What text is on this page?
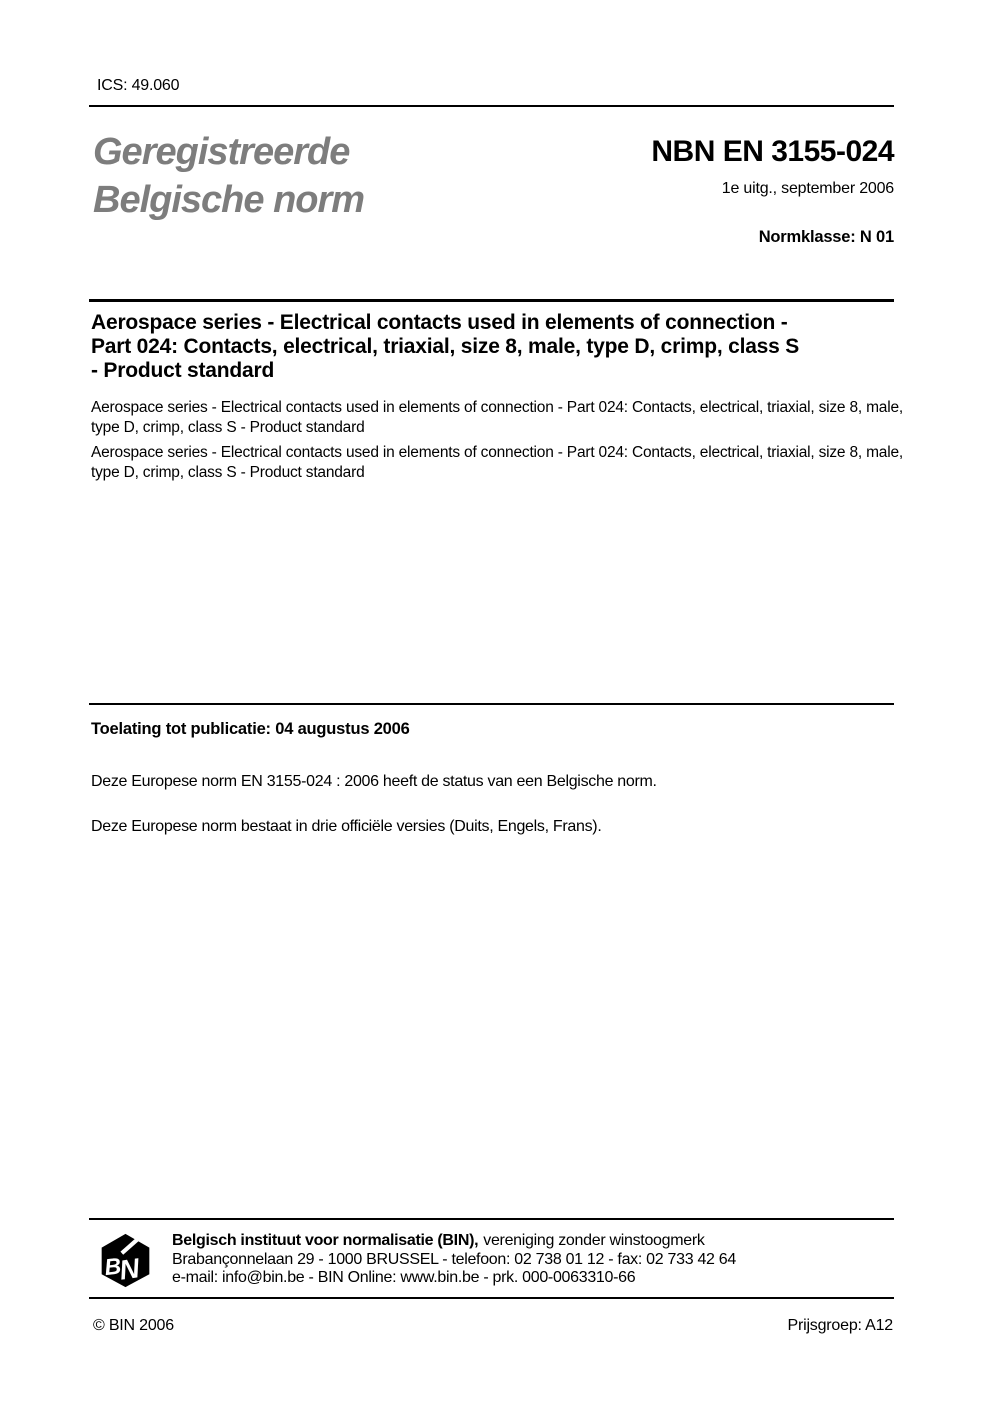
ICS: 49.060
Geregistreerde
Belgische norm
NBN EN 3155-024
1e uitg., september 2006
Normklasse: N 01
Aerospace series - Electrical contacts used in elements of connection -
Part 024: Contacts, electrical, triaxial, size 8, male, type D, crimp, class S
- Product standard

Aerospace series - Electrical contacts used in elements of connection - Part 024: Contacts, electrical, triaxial, size 8, male, type D, crimp, class S - Product standard

Aerospace series - Electrical contacts used in elements of connection - Part 024: Contacts, electrical, triaxial, size 8, male, type D, crimp, class S - Product standard

Toelating tot publicatie: 04 augustus 2006

Deze Europese norm EN 3155-024 : 2006 heeft de status van een Belgische norm.

Deze Europese norm bestaat in drie officiële versies (Duits, Engels, Frans).

B
N
Belgisch instituut voor normalisatie (BIN), vereniging zonder winstoogmerk
Brabançonnelaan 29 - 1000 BRUSSEL - telefoon: 02 738 01 12 - fax: 02 733 42 64
e-mail: info@bin.be - BIN Online: www.bin.be - prk. 000-0063310-66
© BIN 2006	Prijsgroep: A12
